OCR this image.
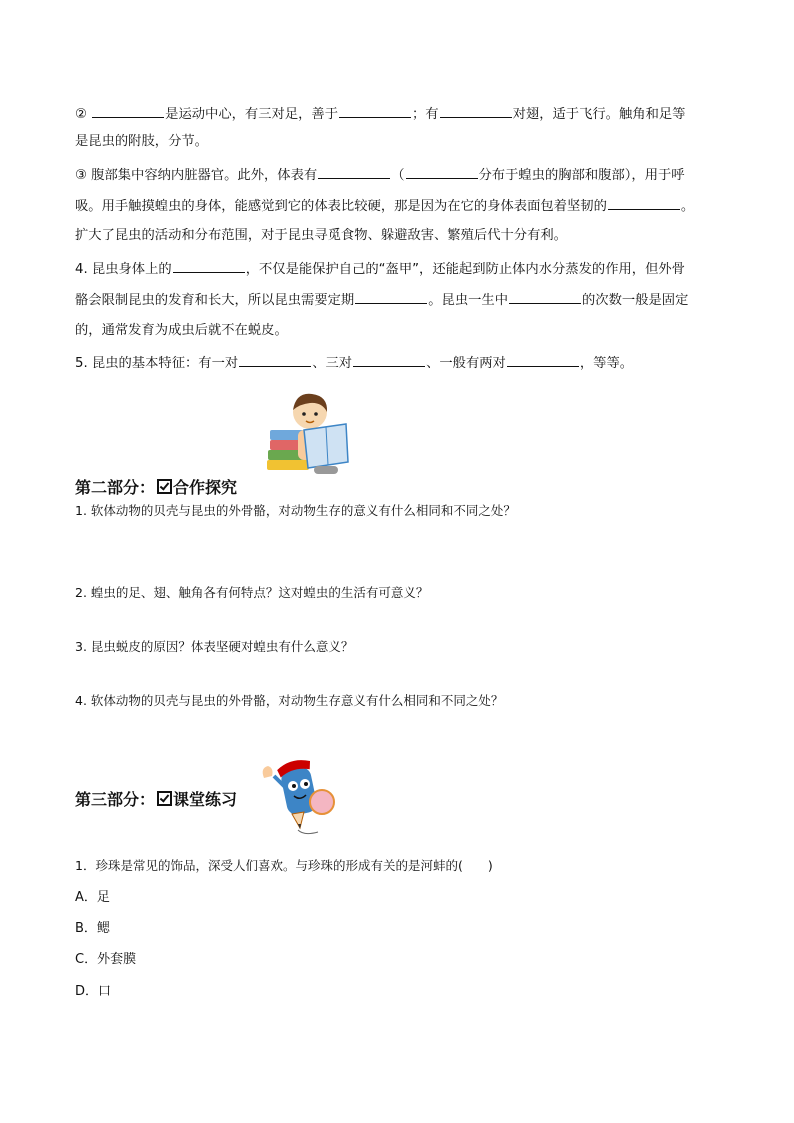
②	是运动中心，有三对足，善于	；有	对翅，适于飞行。触角和足等
是昆虫的附肢，分节。
③ 腹部集中容纳内脏器官。此外，体表有	（	分布于蝗虫的胸部和腹部），用于呼
吸。用手触摸蝗虫的身体，能感觉到它的体表比较硬，那是因为在它的身体表面包着坚韧的	。
扩大了昆虫的活动和分布范围，对于昆虫寻觅食物、躲避敌害、繁殖后代十分有利。
4. 昆虫身体上的	，不仅是能保护自己的“盔甲”，还能起到防止体内水分蒸发的作用，但外骨
骼会限制昆虫的发育和长大，所以昆虫需要定期	。昆虫一生中	的次数一般是固定
的，通常发育为成虫后就不在蜕皮。
5. 昆虫的基本特征：有一对	、三对	、一般有两对	，等等。
第二部分： 合作探究
1. 软体动物的贝壳与昆虫的外骨骼，对动物生存的意义有什么相同和不同之处？
2. 蝗虫的足、翅、触角各有何特点？这对蝗虫的生活有可意义？
3. 昆虫蜕皮的原因？体表坚硬对蝗虫有什么意义？
4. 软体动物的贝壳与昆虫的外骨骼，对动物生存意义有什么相同和不同之处？
第三部分： 课堂练习
1．珍珠是常见的饰品，深受人们喜欢。与珍珠的形成有关的是河蚌的(　　)
A．足
B．鳃
C．外套膜
D．口
